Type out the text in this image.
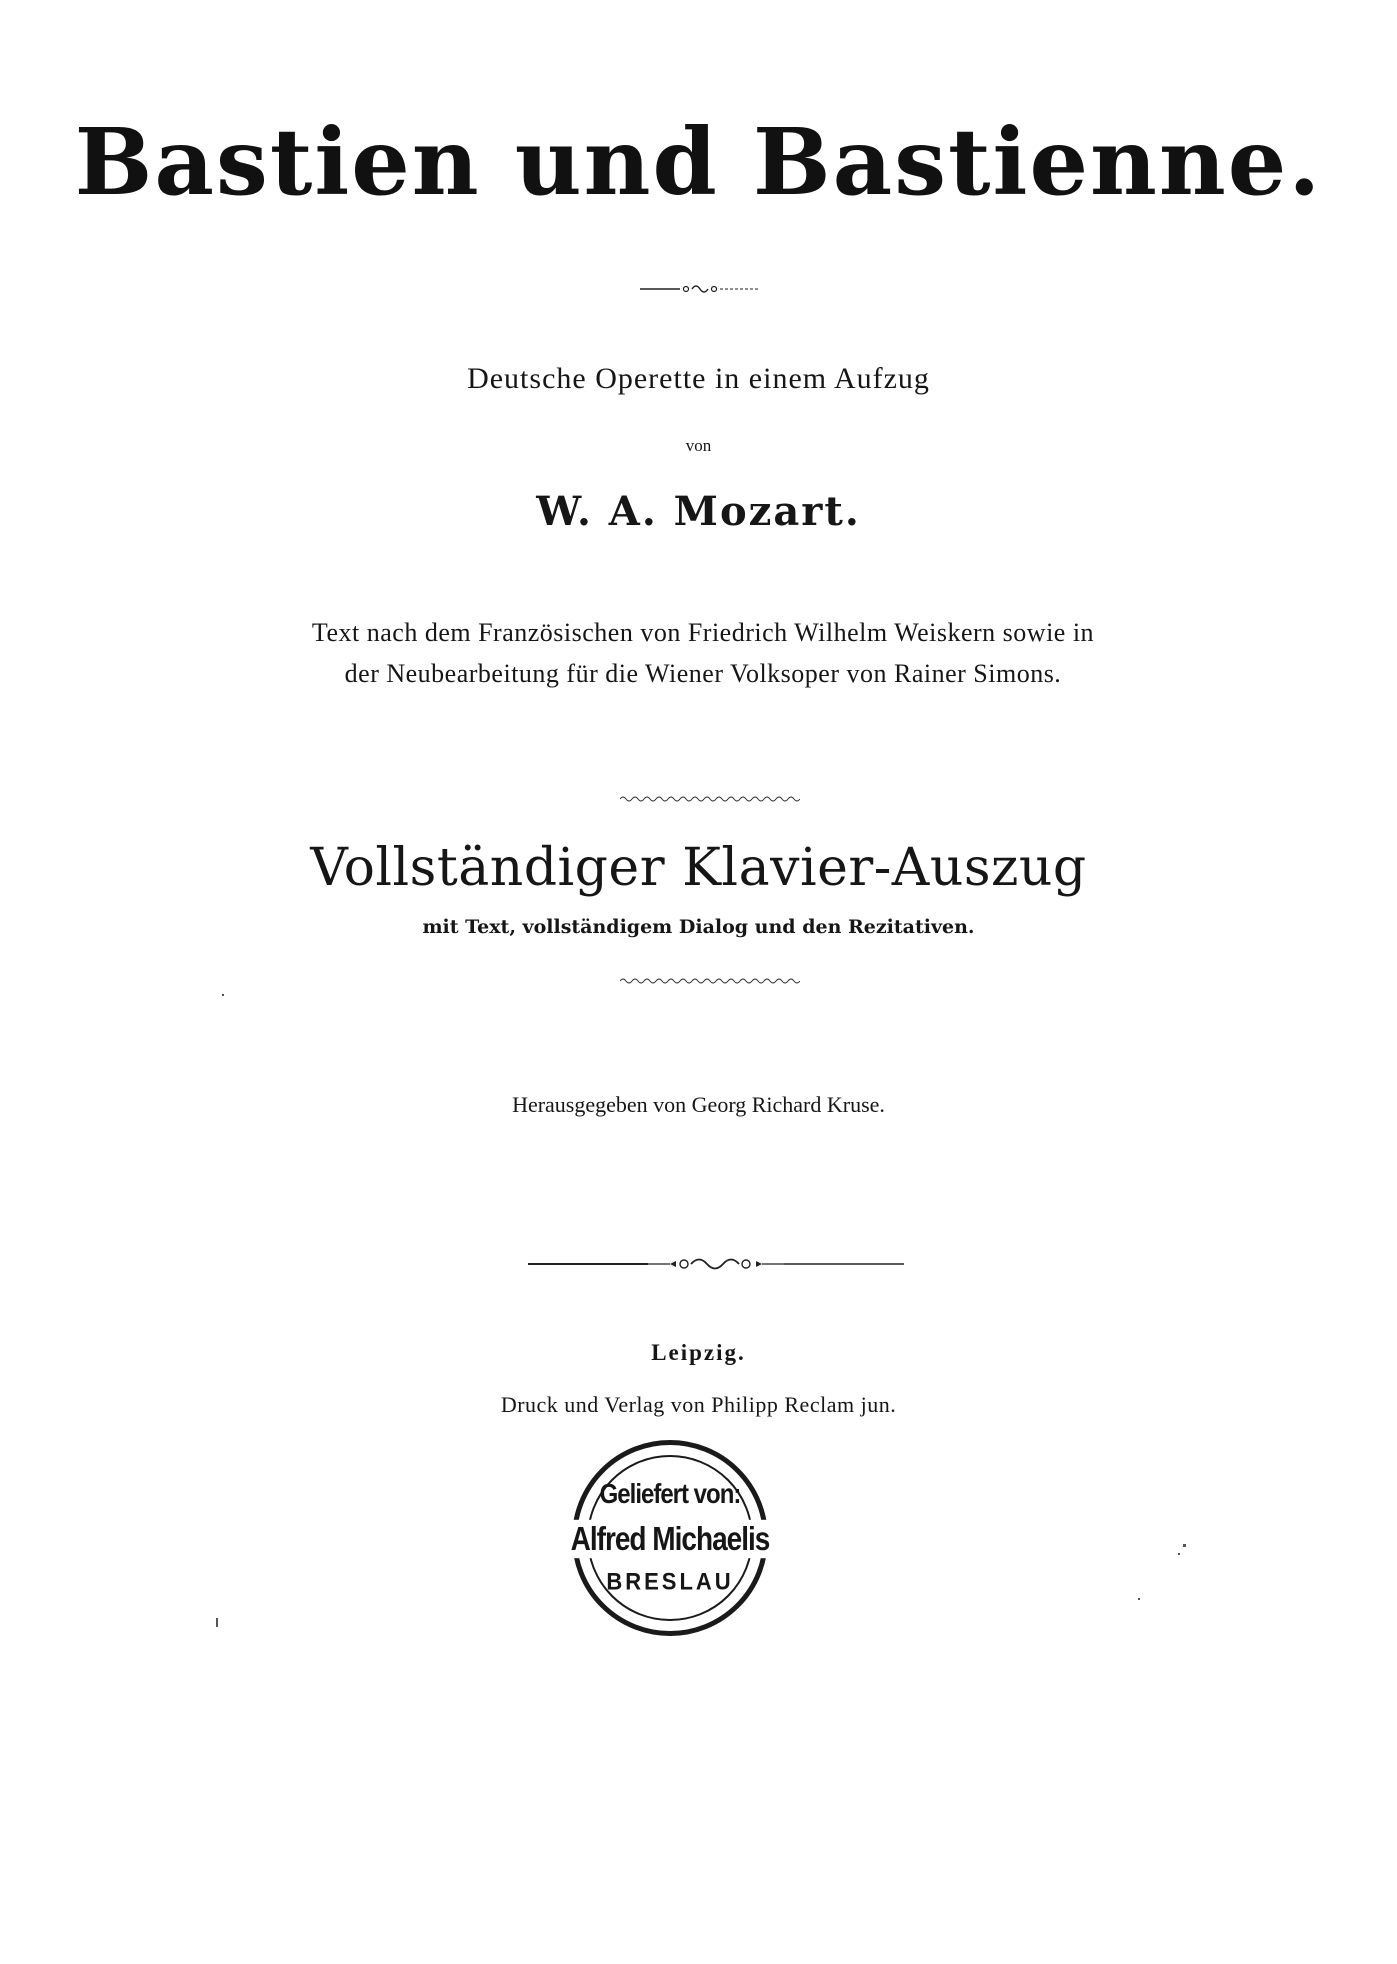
Bastien und Bastienne.
Deutsche Operette in einem Aufzug
von
W. A. Mozart.
Text nach dem Französischen von Friedrich Wilhelm Weiskern sowie in
der Neubearbeitung für die Wiener Volksoper von Rainer Simons.
Vollständiger Klavier-Auszug
mit Text, vollständigem Dialog und den Rezitativen.
Herausgegeben von Georg Richard Kruse.
Leipzig.
Druck und Verlag von Philipp Reclam jun.
Geliefert von:
Alfred Michaelis
BRESLAU
